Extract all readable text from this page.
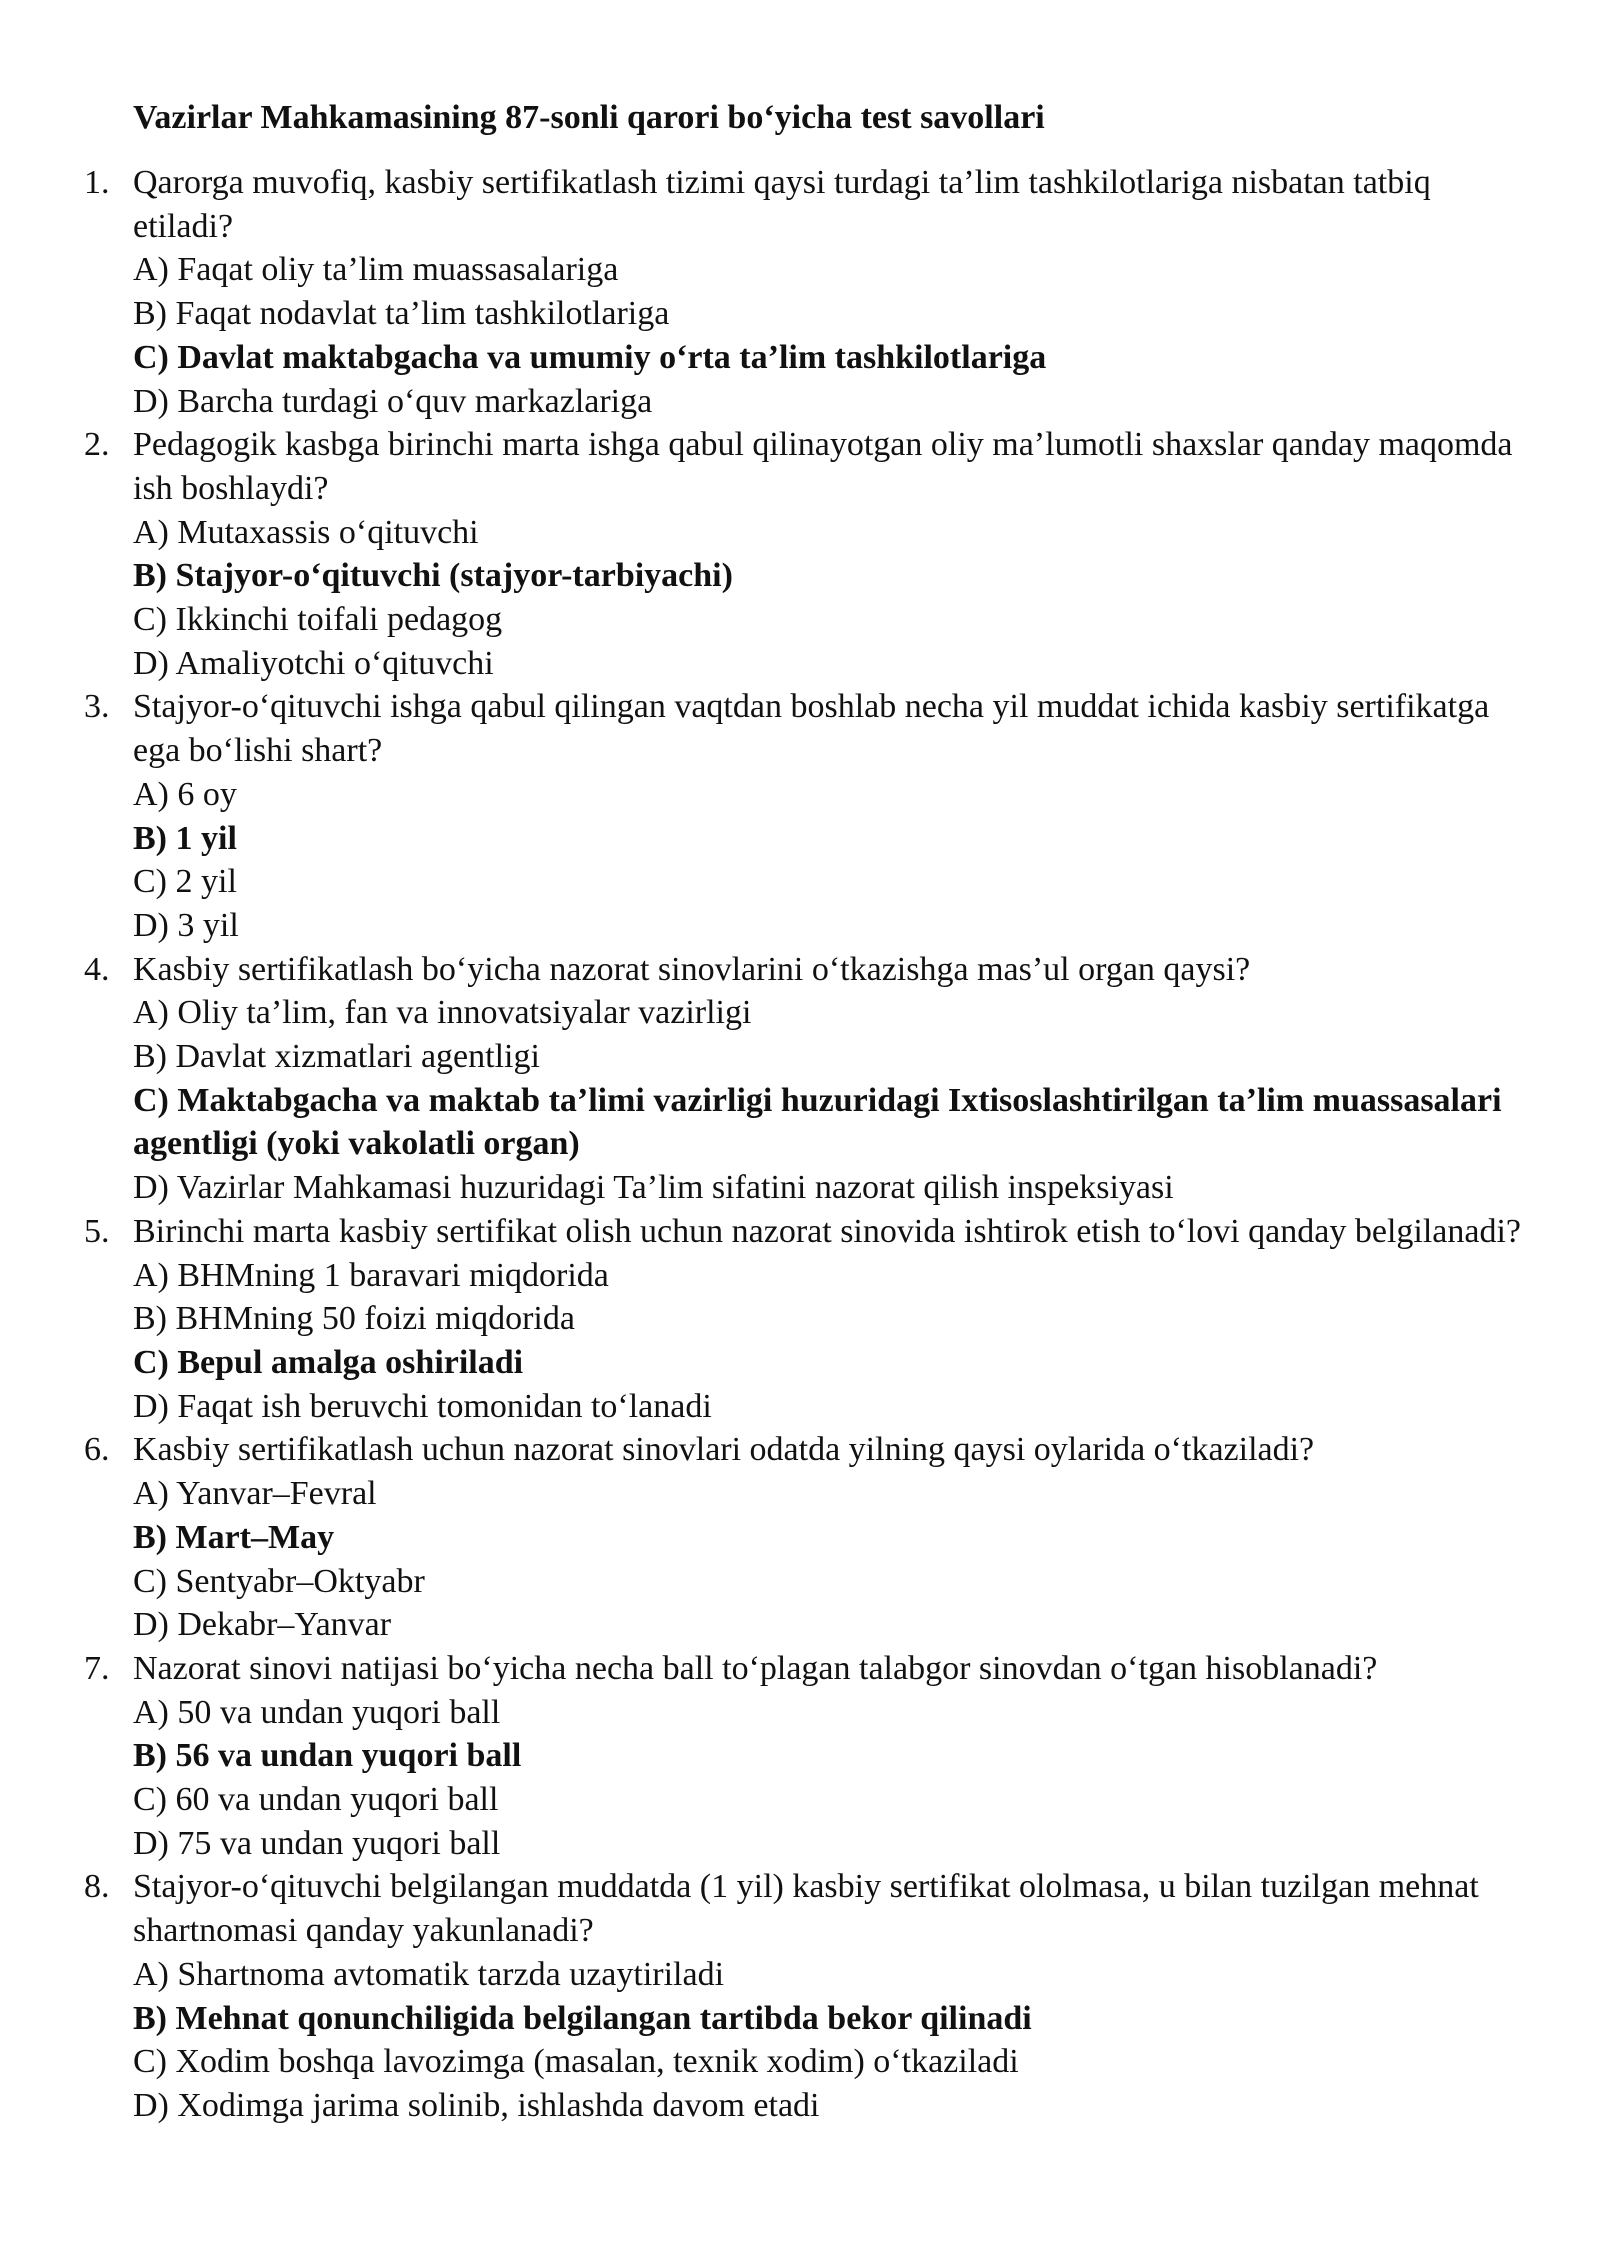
Vazirlar Mahkamasining 87-sonli qarori bo‘yicha test savollari
1. Qarorga muvofiq, kasbiy sertifikatlash tizimi qaysi turdagi ta’lim tashkilotlariga nisbatan tatbiq etiladi?
A) Faqat oliy ta’lim muassasalariga
B) Faqat nodavlat ta’lim tashkilotlariga
C) Davlat maktabgacha va umumiy o‘rta ta’lim tashkilotlariga
D) Barcha turdagi o‘quv markazlariga
2. Pedagogik kasbga birinchi marta ishga qabul qilinayotgan oliy ma’lumotli shaxslar qanday maqomda ish boshlaydi?
A) Mutaxassis o‘qituvchi
B) Stajyor-o‘qituvchi (stajyor-tarbiyachi)
C) Ikkinchi toifali pedagog
D) Amaliyotchi o‘qituvchi
3. Stajyor-o‘qituvchi ishga qabul qilingan vaqtdan boshlab necha yil muddat ichida kasbiy sertifikatga ega bo‘lishi shart?
A) 6 oy
B) 1 yil
C) 2 yil
D) 3 yil
4. Kasbiy sertifikatlash bo‘yicha nazorat sinovlarini o‘tkazishga mas’ul organ qaysi?
A) Oliy ta’lim, fan va innovatsiyalar vazirligi
B) Davlat xizmatlari agentligi
C) Maktabgacha va maktab ta’limi vazirligi huzuridagi Ixtisoslashtirilgan ta’lim muassasalari agentligi (yoki vakolatli organ)
D) Vazirlar Mahkamasi huzuridagi Ta’lim sifatini nazorat qilish inspeksiyasi
5. Birinchi marta kasbiy sertifikat olish uchun nazorat sinovida ishtirok etish to‘lovi qanday belgilanadi?
A) BHMning 1 baravari miqdorida
B) BHMning 50 foizi miqdorida
C) Bepul amalga oshiriladi
D) Faqat ish beruvchi tomonidan to‘lanadi
6. Kasbiy sertifikatlash uchun nazorat sinovlari odatda yilning qaysi oylarida o‘tkaziladi?
A) Yanvar–Fevral
B) Mart–May
C) Sentyabr–Oktyabr
D) Dekabr–Yanvar
7. Nazorat sinovi natijasi bo‘yicha necha ball to‘plagan talabgor sinovdan o‘tgan hisoblanadi?
A) 50 va undan yuqori ball
B) 56 va undan yuqori ball
C) 60 va undan yuqori ball
D) 75 va undan yuqori ball
8. Stajyor-o‘qituvchi belgilangan muddatda (1 yil) kasbiy sertifikat ololmasa, u bilan tuzilgan mehnat shartnomasi qanday yakunlanadi?
A) Shartnoma avtomatik tarzda uzaytiriladi
B) Mehnat qonunchiligida belgilangan tartibda bekor qilinadi
C) Xodim boshqa lavozimga (masalan, texnik xodim) o‘tkaziladi
D) Xodimga jarima solinib, ishlashda davom etadi
